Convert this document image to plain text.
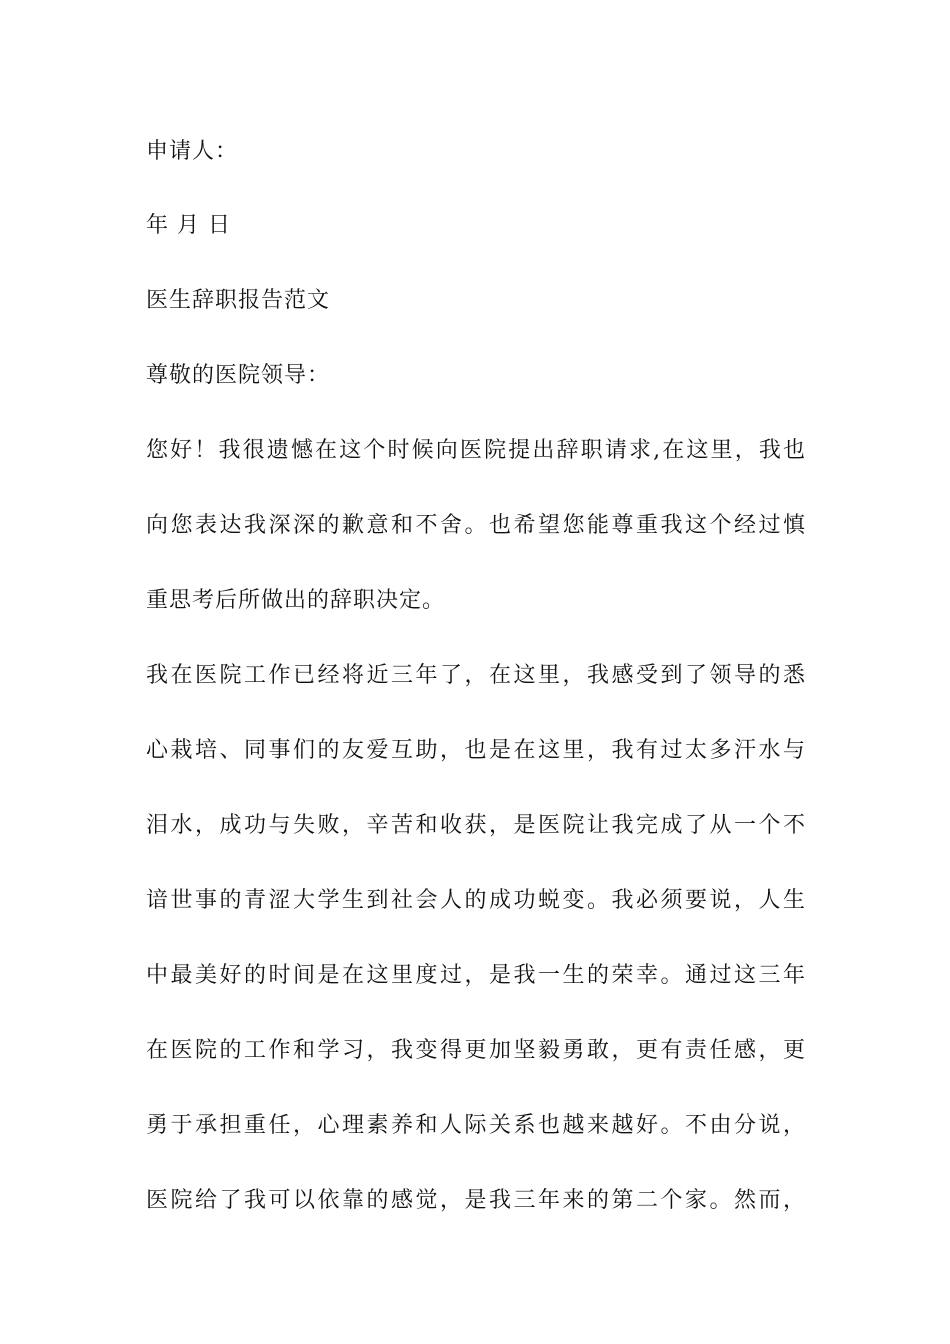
申请人：
年 月 日
医生辞职报告范文
尊敬的医院领导：
您好！我很遗憾在这个时候向医院提出辞职请求,在这里，我也
向您表达我深深的歉意和不舍。也希望您能尊重我这个经过慎
重思考后所做出的辞职决定。
我在医院工作已经将近三年了，在这里，我感受到了领导的悉
心栽培、同事们的友爱互助，也是在这里，我有过太多汗水与
泪水，成功与失败，辛苦和收获，是医院让我完成了从一个不
谙世事的青涩大学生到社会人的成功蜕变。我必须要说，人生
中最美好的时间是在这里度过，是我一生的荣幸。通过这三年
在医院的工作和学习，我变得更加坚毅勇敢，更有责任感，更
勇于承担重任，心理素养和人际关系也越来越好。不由分说，
医院给了我可以依靠的感觉，是我三年来的第二个家。然而，
